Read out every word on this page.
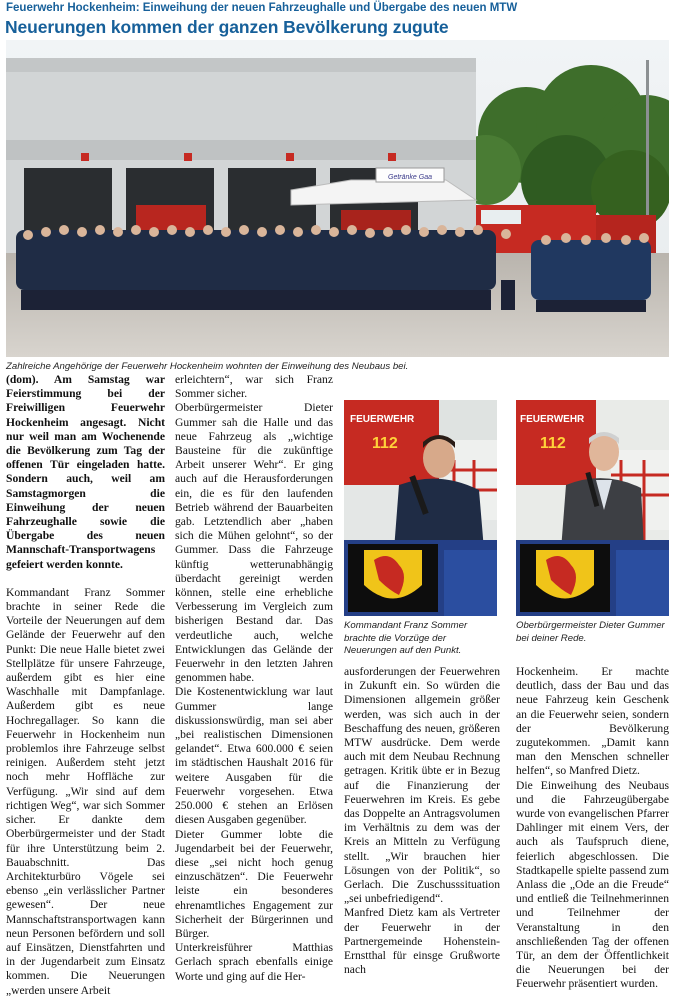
Feuerwehr Hockenheim: Einweihung der neuen Fahrzeughalle und Übergabe des neuen MTW
Neuerungen kommen der ganzen Bevölkerung zugute
Getränke Gaa
Zahlreiche Angehörige der Feuerwehr Hockenheim wohnten der Einweihung des Neubaus bei.
FEUERWEHR
112
Kommandant Franz Sommer brachte die Vorzüge der Neuerungen auf den Punkt.
FEUERWEHR
112
Oberbürgermeister Dieter Gummer bei deiner Rede.

(dom). Am Samstag war Feierstimmung bei der Freiwilligen Feuerwehr Hockenheim angesagt. Nicht nur weil man am Wochenende die Bevölkerung zum Tag der offenen Tür eingeladen hatte. Sondern auch, weil am Samstagmorgen die Einweihung der neuen Fahrzeughalle sowie die Übergabe des neuen Mannschaft-Transportwagens gefeiert werden konnte.

Kommandant Franz Sommer brachte in seiner Rede die Vorteile der Neuerungen auf dem Gelände der Feuerwehr auf den Punkt: Die neue Halle bietet zwei Stellplätze für unsere Fahrzeuge, außerdem gibt es hier eine Waschhalle mit Dampfanlage. Außerdem gibt es neue Hochregallager. So kann die Feuerwehr in Hockenheim nun problemlos ihre Fahrzeuge selbst reinigen. Außerdem steht jetzt noch mehr Hoffläche zur Verfügung. „Wir sind auf dem richtigen Weg“, war sich Sommer sicher. Er dankte dem Oberbürgermeister und der Stadt für ihre Unterstützung beim 2. Bauabschnitt. Das Architekturbüro Vögele sei ebenso „ein verlässlicher Partner gewesen“. Der neue Mannschaftstransportwagen kann neun Personen befördern und soll auf Einsätzen, Dienstfahrten und in der Jugendarbeit zum Einsatz kommen. Die Neuerungen „werden unsere Arbeit

erleichtern“, war sich Franz Sommer sicher.

Oberbürgermeister Dieter Gummer sah die Halle und das neue Fahrzeug als „wichtige Bausteine für die zukünftige Arbeit unserer Wehr“. Er ging auch auf die Herausforderungen ein, die es für den laufenden Betrieb während der Bauarbeiten gab. Letztendlich aber „haben sich die Mühen gelohnt“, so der Gummer. Dass die Fahrzeuge künftig wetterunabhängig überdacht gereinigt werden können, stelle eine erhebliche Verbesserung im Vergleich zum bisherigen Bestand dar. Das verdeutliche auch, welche Entwicklungen das Gelände der Feuerwehr in den letzten Jahren genommen habe.

Die Kostenentwicklung war laut Gummer lange diskussionswürdig, man sei aber „bei realistischen Dimensionen gelandet“. Etwa 600.000 € seien im städtischen Haushalt 2016 für weitere Ausgaben für die Feuerwehr vorgesehen. Etwa 250.000 € stehen an Erlösen diesen Ausgaben gegenüber.

Dieter Gummer lobte die Jugendarbeit bei der Feuerwehr, diese „sei nicht hoch genug einzuschätzen“. Die Feuerwehr leiste ein besonderes ehrenamtliches Engagement zur Sicherheit der Bürgerinnen und Bürger.

Unterkreisführer Matthias Gerlach sprach ebenfalls einige Worte und ging auf die Her-

ausforderungen der Feuerwehren in Zukunft ein. So würden die Dimensionen allgemein größer werden, was sich auch in der Beschaffung des neuen, größeren MTW ausdrücke. Dem werde auch mit dem Neubau Rechnung getragen. Kritik übte er in Bezug auf die Finanzierung der Feuerwehren im Kreis. Es gebe das Doppelte an Antragsvolumen im Verhältnis zu dem was der Kreis an Mitteln zu Verfügung stellt. „Wir brauchen hier Lösungen von der Politik“, so Gerlach. Die Zuschusssituation „sei unbefriedigend“.

Manfred Dietz kam als Vertreter der Feuerwehr in der Partnergemeinde Hohenstein-Ernstthal für einsge Grußworte nach

Hockenheim. Er machte deutlich, dass der Bau und das neue Fahrzeug kein Geschenk an die Feuerwehr seien, sondern der Bevölkerung zugutekommen. „Damit kann man den Menschen schneller helfen“, so Manfred Dietz.

Die Einweihung des Neubaus und die Fahrzeugübergabe wurde von evangelischen Pfarrer Dahlinger mit einem Vers, der auch als Taufspruch diene, feierlich abgeschlossen. Die Stadtkapelle spielte passend zum Anlass die „Ode an die Freude“ und entließ die Teilnehmerinnen und Teilnehmer der Veranstaltung in den anschließenden Tag der offenen Tür, an dem der Öffentlichkeit die Neuerungen bei der Feuerwehr präsentiert wurden.
